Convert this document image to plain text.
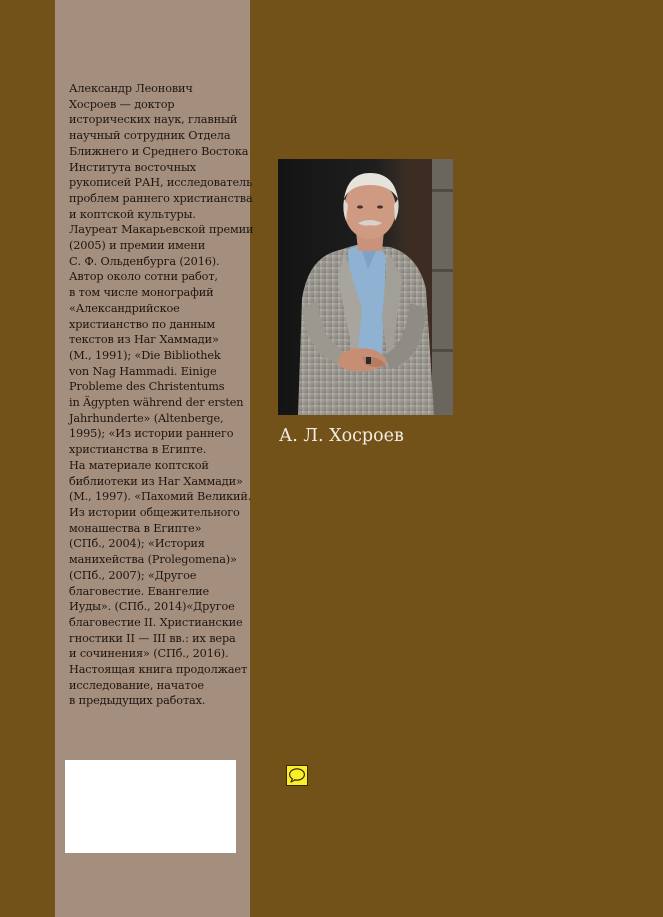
Александр Леонович
Хосроев — доктор
исторических наук, главный
научный сотрудник Отдела
Ближнего и Среднего Востока
Института восточных
рукописей РАН, исследователь
проблем раннего христианства
и коптской культуры.
Лауреат Макарьевской премии
(2005) и премии имени
С. Ф. Ольденбурга (2016).
Автор около сотни работ,
в том числе монографий
«Александрийское
христианство по данным
текстов из Наг Хаммади»
(М., 1991); «Die Bibliothek
von Nag Hammadi. Einige
Probleme des Christentums
in Ägypten während der ersten
Jahrhunderte» (Altenberge,
1995); «Из истории раннего
христианства в Египте.
На материале коптской
библиотеки из Наг Хаммади»
(М., 1997). «Пахомий Великий.
Из истории общежительного
монашества в Египте»
(СПб., 2004); «История
манихейства (Prolegomena)»
(СПб., 2007); «Другое
благовестие. Евангелие
Иуды». (СПб., 2014)«Другое
благовестие II. Христианские
гностики II — III вв.: их вера
и сочинения» (СПб., 2016).
Настоящая книга продолжает
исследование, начатое
в предыдущих работах.
А. Л. Хосроев
